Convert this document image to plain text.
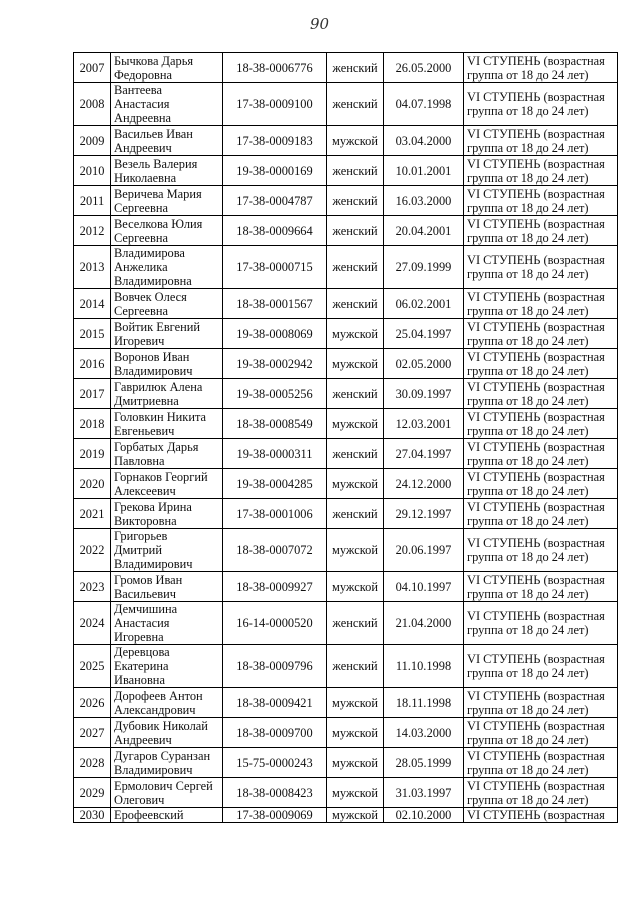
90
2007	Бычкова Дарья
Федоровна	18-38-0006776	женский	26.05.2000	VI СТУПЕНЬ (возрастная
группа от 18 до 24 лет)
2008	Вантеева
Анастасия
Андреевна	17-38-0009100	женский	04.07.1998	VI СТУПЕНЬ (возрастная
группа от 18 до 24 лет)
2009	Васильев Иван
Андреевич	17-38-0009183	мужской	03.04.2000	VI СТУПЕНЬ (возрастная
группа от 18 до 24 лет)
2010	Везель Валерия
Николаевна	19-38-0000169	женский	10.01.2001	VI СТУПЕНЬ (возрастная
группа от 18 до 24 лет)
2011	Веричева Мария
Сергеевна	17-38-0004787	женский	16.03.2000	VI СТУПЕНЬ (возрастная
группа от 18 до 24 лет)
2012	Веселкова Юлия
Сергеевна	18-38-0009664	женский	20.04.2001	VI СТУПЕНЬ (возрастная
группа от 18 до 24 лет)
2013	Владимирова
Анжелика
Владимировна	17-38-0000715	женский	27.09.1999	VI СТУПЕНЬ (возрастная
группа от 18 до 24 лет)
2014	Вовчек Олеся
Сергеевна	18-38-0001567	женский	06.02.2001	VI СТУПЕНЬ (возрастная
группа от 18 до 24 лет)
2015	Войтик Евгений
Игоревич	19-38-0008069	мужской	25.04.1997	VI СТУПЕНЬ (возрастная
группа от 18 до 24 лет)
2016	Воронов Иван
Владимирович	19-38-0002942	мужской	02.05.2000	VI СТУПЕНЬ (возрастная
группа от 18 до 24 лет)
2017	Гаврилюк Алена
Дмитриевна	19-38-0005256	женский	30.09.1997	VI СТУПЕНЬ (возрастная
группа от 18 до 24 лет)
2018	Головкин Никита
Евгеньевич	18-38-0008549	мужской	12.03.2001	VI СТУПЕНЬ (возрастная
группа от 18 до 24 лет)
2019	Горбатых Дарья
Павловна	19-38-0000311	женский	27.04.1997	VI СТУПЕНЬ (возрастная
группа от 18 до 24 лет)
2020	Горнаков Георгий
Алексеевич	19-38-0004285	мужской	24.12.2000	VI СТУПЕНЬ (возрастная
группа от 18 до 24 лет)
2021	Грекова Ирина
Викторовна	17-38-0001006	женский	29.12.1997	VI СТУПЕНЬ (возрастная
группа от 18 до 24 лет)
2022	Григорьев
Дмитрий
Владимирович	18-38-0007072	мужской	20.06.1997	VI СТУПЕНЬ (возрастная
группа от 18 до 24 лет)
2023	Громов Иван
Васильевич	18-38-0009927	мужской	04.10.1997	VI СТУПЕНЬ (возрастная
группа от 18 до 24 лет)
2024	Демчишина
Анастасия
Игоревна	16-14-0000520	женский	21.04.2000	VI СТУПЕНЬ (возрастная
группа от 18 до 24 лет)
2025	Деревцова
Екатерина
Ивановна	18-38-0009796	женский	11.10.1998	VI СТУПЕНЬ (возрастная
группа от 18 до 24 лет)
2026	Дорофеев Антон
Александрович	18-38-0009421	мужской	18.11.1998	VI СТУПЕНЬ (возрастная
группа от 18 до 24 лет)
2027	Дубовик Николай
Андреевич	18-38-0009700	мужской	14.03.2000	VI СТУПЕНЬ (возрастная
группа от 18 до 24 лет)
2028	Дугаров Суранзан
Владимирович	15-75-0000243	мужской	28.05.1999	VI СТУПЕНЬ (возрастная
группа от 18 до 24 лет)
2029	Ермолович Сергей
Олегович	18-38-0008423	мужской	31.03.1997	VI СТУПЕНЬ (возрастная
группа от 18 до 24 лет)
2030	Ерофеевский	17-38-0009069	мужской	02.10.2000	VI СТУПЕНЬ (возрастная
